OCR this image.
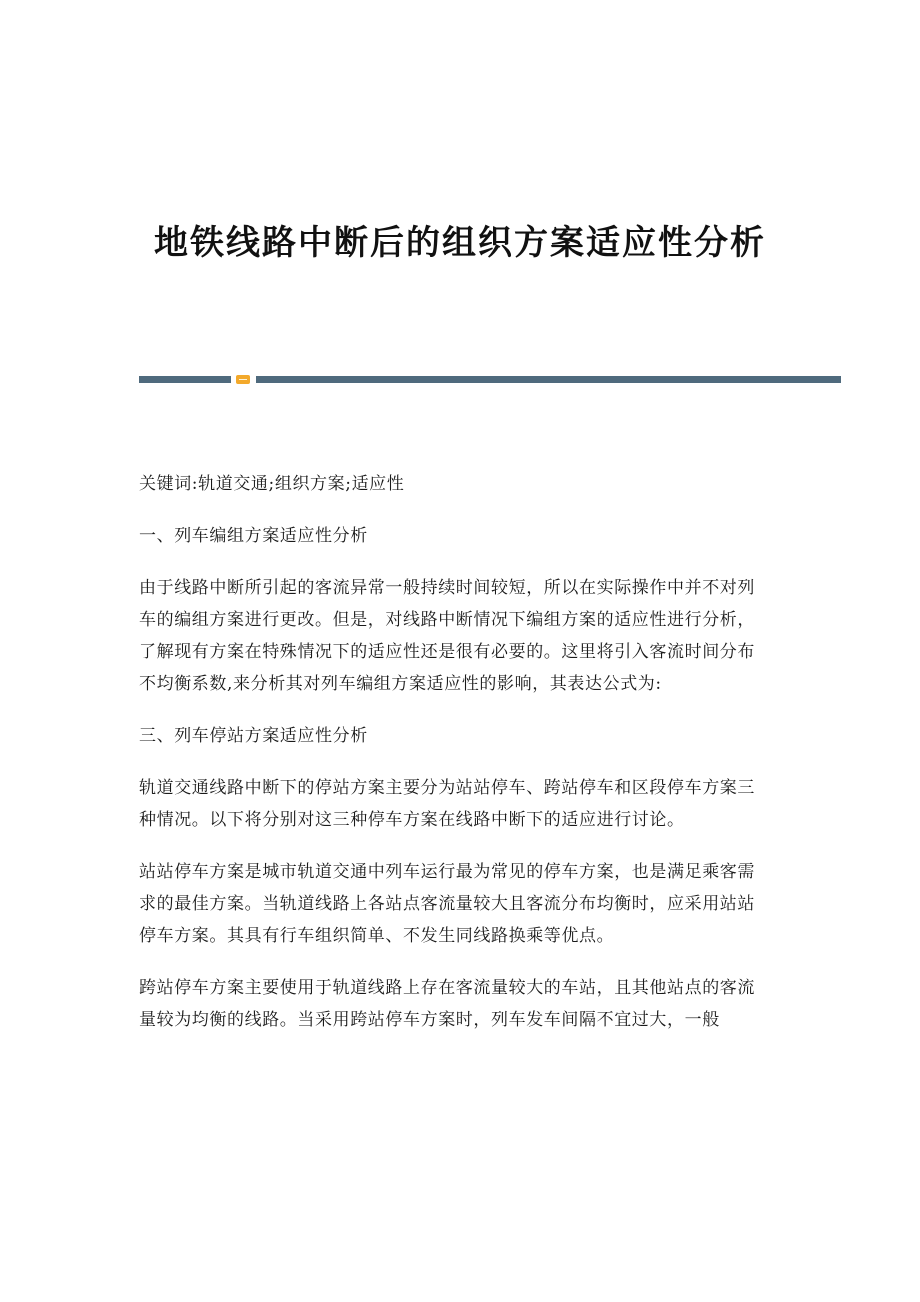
地铁线路中断后的组织方案适应性分析

关键词:轨道交通;组织方案;适应性

一、列车编组方案适应性分析

由于线路中断所引起的客流异常一般持续时间较短，所以在实际操作中并不对列车的编组方案进行更改。但是，对线路中断情况下编组方案的适应性进行分析，了解现有方案在特殊情况下的适应性还是很有必要的。这里将引入客流时间分布不均衡系数,来分析其对列车编组方案适应性的影响，其表达公式为:

三、列车停站方案适应性分析

轨道交通线路中断下的停站方案主要分为站站停车、跨站停车和区段停车方案三种情况。以下将分别对这三种停车方案在线路中断下的适应进行讨论。

站站停车方案是城市轨道交通中列车运行最为常见的停车方案，也是满足乘客需求的最佳方案。当轨道线路上各站点客流量较大且客流分布均衡时，应采用站站停车方案。其具有行车组织简单、不发生同线路换乘等优点。

跨站停车方案主要使用于轨道线路上存在客流量较大的车站，且其他站点的客流量较为均衡的线路。当采用跨站停车方案时，列车发车间隔不宜过大，一般
